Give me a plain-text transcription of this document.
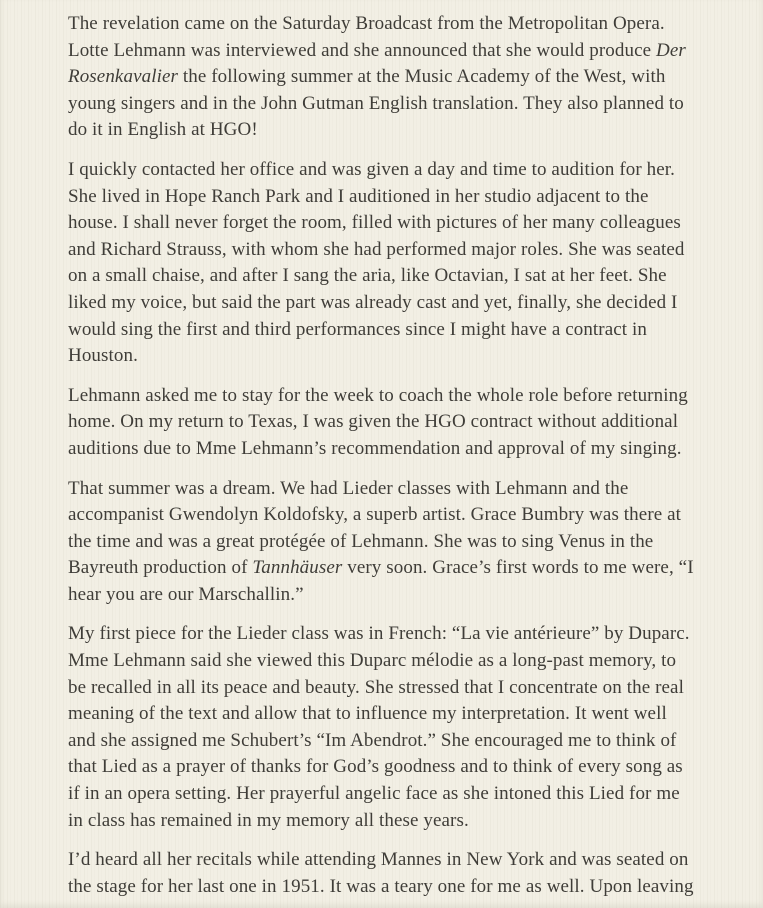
The revelation came on the Saturday Broadcast from the Metropolitan Opera. Lotte Lehmann was interviewed and she announced that she would produce Der Rosenkavalier the following summer at the Music Academy of the West, with young singers and in the John Gutman English translation. They also planned to do it in English at HGO!

I quickly contacted her office and was given a day and time to audition for her. She lived in Hope Ranch Park and I auditioned in her studio adjacent to the house. I shall never forget the room, filled with pictures of her many colleagues and Richard Strauss, with whom she had performed major roles. She was seated on a small chaise, and after I sang the aria, like Octavian, I sat at her feet. She liked my voice, but said the part was already cast and yet, finally, she decided I would sing the first and third performances since I might have a contract in Houston.

Lehmann asked me to stay for the week to coach the whole role before returning home. On my return to Texas, I was given the HGO contract without additional auditions due to Mme Lehmann’s recommendation and approval of my singing.

That summer was a dream. We had Lieder classes with Lehmann and the accompanist Gwendolyn Koldofsky, a superb artist. Grace Bumbry was there at the time and was a great protégée of Lehmann. She was to sing Venus in the Bayreuth production of Tannhäuser very soon. Grace’s first words to me were, “I hear you are our Marschallin.”

My first piece for the Lieder class was in French: “La vie antérieure” by Duparc. Mme Lehmann said she viewed this Duparc mélodie as a long-past memory, to be recalled in all its peace and beauty. She stressed that I concentrate on the real meaning of the text and allow that to influence my interpretation. It went well and she assigned me Schubert’s “Im Abendrot.” She encouraged me to think of that Lied as a prayer of thanks for God’s goodness and to think of every song as if in an opera setting. Her prayerful angelic face as she intoned this Lied for me in class has remained in my memory all these years.

I’d heard all her recitals while attending Mannes in New York and was seated on the stage for her last one in 1951. It was a teary one for me as well. Upon leaving
